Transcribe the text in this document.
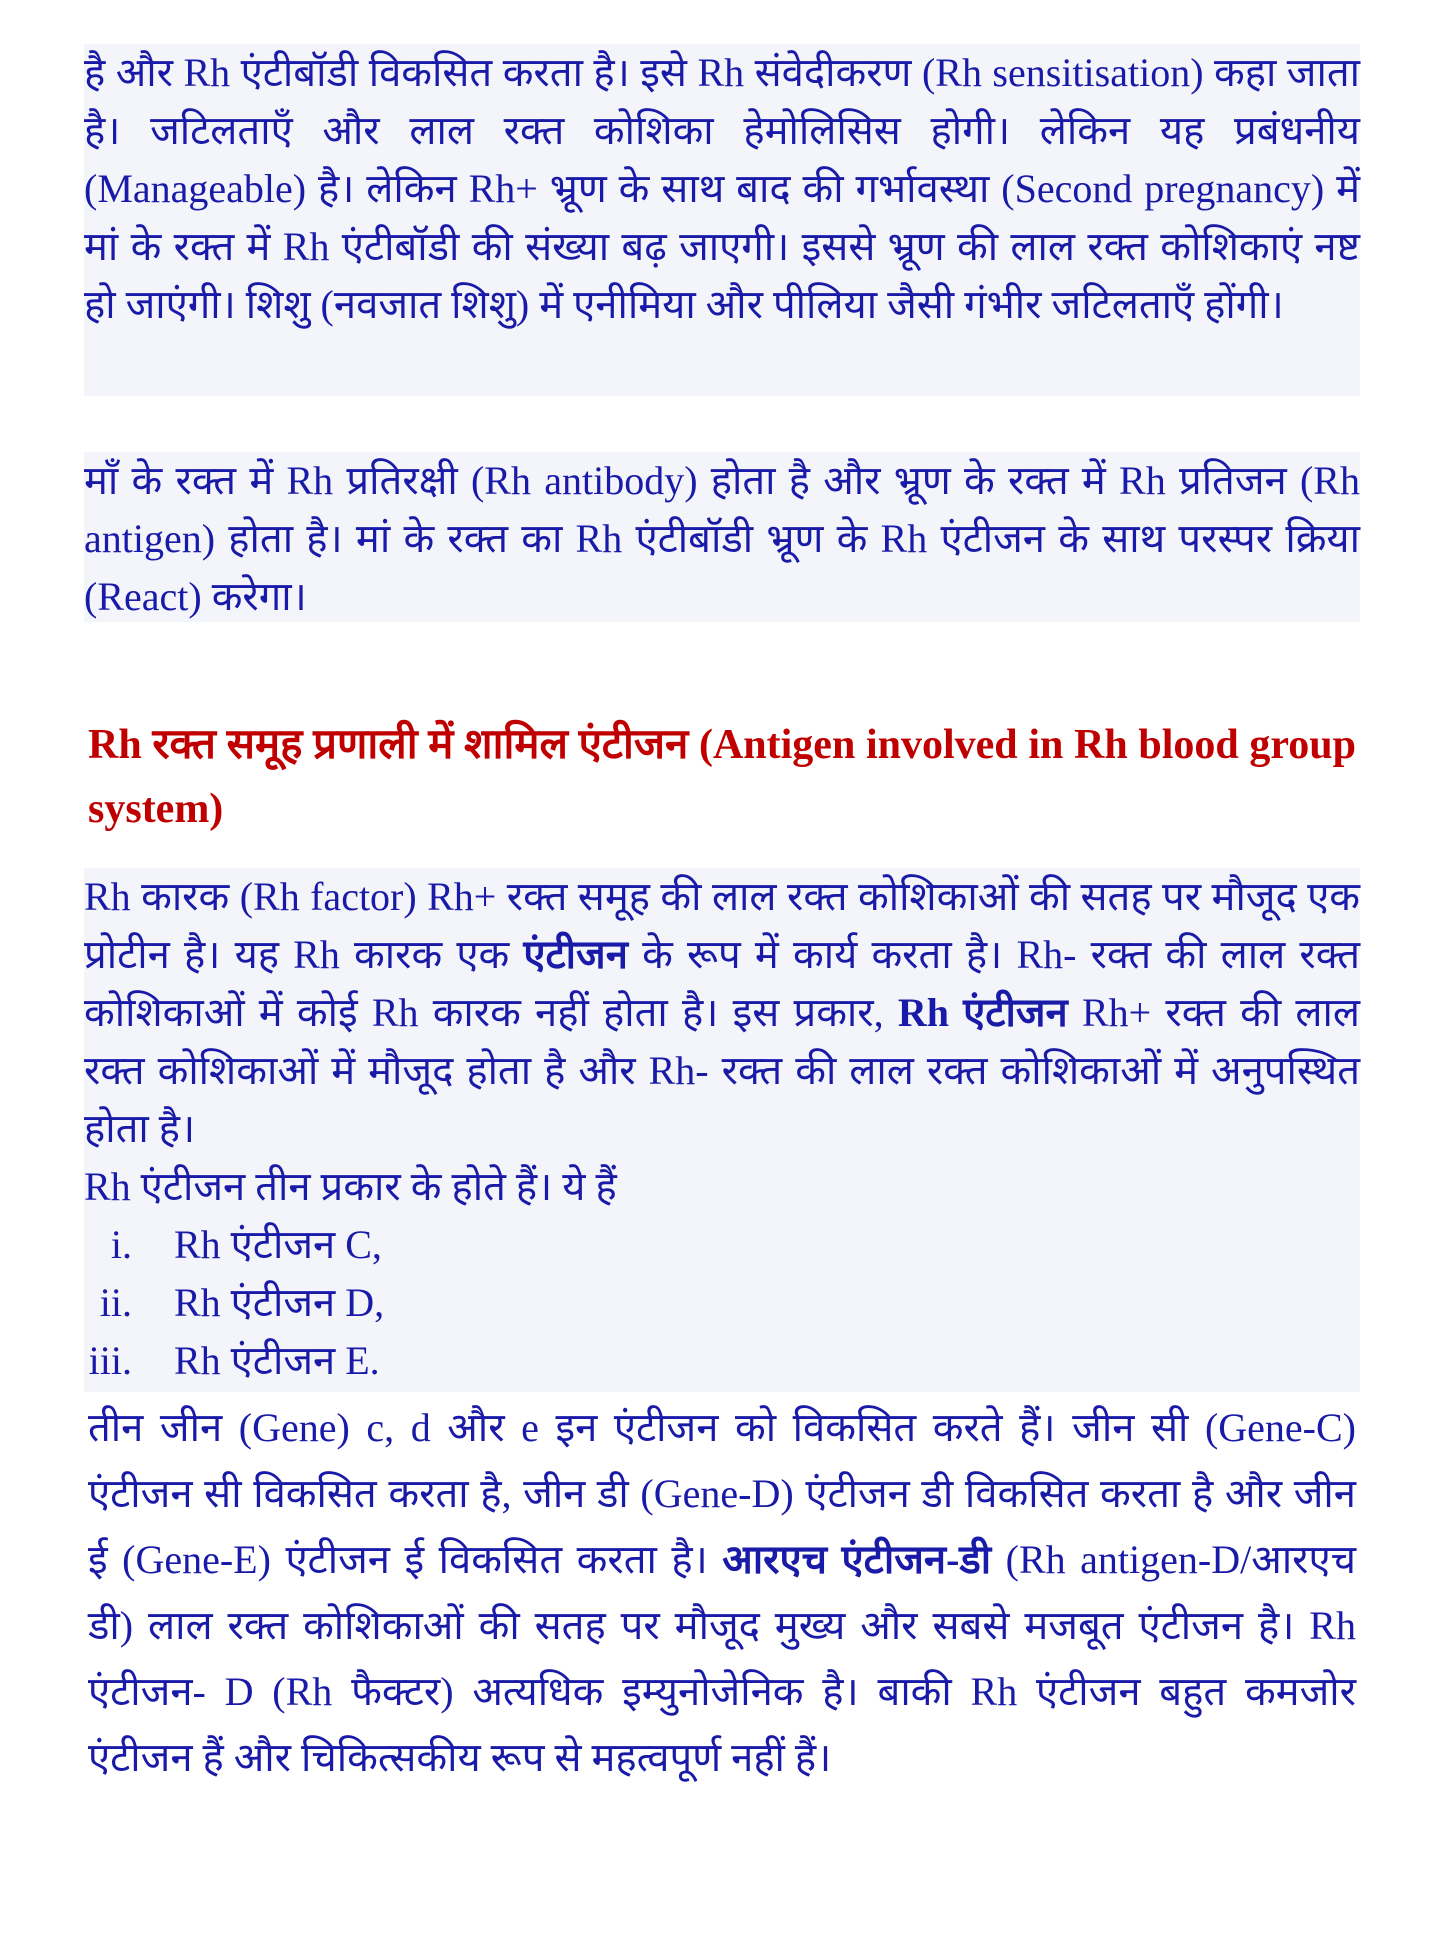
है और Rh एंटीबॉडी विकसित करता है। इसे Rh संवेदीकरण (Rh sensitisation) कहा जाता है। जटिलताएँ और लाल रक्त कोशिका हेमोलिसिस होगी। लेकिन यह प्रबंधनीय (Manageable) है। लेकिन Rh+ भ्रूण के साथ बाद की गर्भावस्था (Second pregnancy) में मां के रक्त में Rh एंटीबॉडी की संख्या बढ़ जाएगी। इससे भ्रूण की लाल रक्त कोशिकाएं नष्ट हो जाएंगी। शिशु (नवजात शिशु) में एनीमिया और पीलिया जैसी गंभीर जटिलताएँ होंगी।

माँ के रक्त में Rh प्रतिरक्षी (Rh antibody) होता है और भ्रूण के रक्त में Rh प्रतिजन (Rh antigen) होता है। मां के रक्त का Rh एंटीबॉडी भ्रूण के Rh एंटीजन के साथ परस्पर क्रिया (React) करेगा।

Rh रक्त समूह प्रणाली में शामिल एंटीजन (Antigen involved in Rh blood group system)

Rh कारक (Rh factor) Rh+ रक्त समूह की लाल रक्त कोशिकाओं की सतह पर मौजूद एक प्रोटीन है। यह Rh कारक एक एंटीजन के रूप में कार्य करता है। Rh- रक्त की लाल रक्त कोशिकाओं में कोई Rh कारक नहीं होता है। इस प्रकार, Rh एंटीजन Rh+ रक्त की लाल रक्त कोशिकाओं में मौजूद होता है और Rh- रक्त की लाल रक्त कोशिकाओं में अनुपस्थित होता है।

Rh एंटीजन तीन प्रकार के होते हैं। ये हैं

i. Rh एंटीजन C,
ii. Rh एंटीजन D,
iii. Rh एंटीजन E.

तीन जीन (Gene) c, d और e इन एंटीजन को विकसित करते हैं। जीन सी (Gene-C) एंटीजन सी विकसित करता है, जीन डी (Gene-D) एंटीजन डी विकसित करता है और जीन ई (Gene-E) एंटीजन ई विकसित करता है। आरएच एंटीजन-डी (Rh antigen-D/आरएच डी) लाल रक्त कोशिकाओं की सतह पर मौजूद मुख्य और सबसे मजबूत एंटीजन है। Rh एंटीजन- D (Rh फैक्टर) अत्यधिक इम्युनोजेनिक है। बाकी Rh एंटीजन बहुत कमजोर एंटीजन हैं और चिकित्सकीय रूप से महत्वपूर्ण नहीं हैं।
